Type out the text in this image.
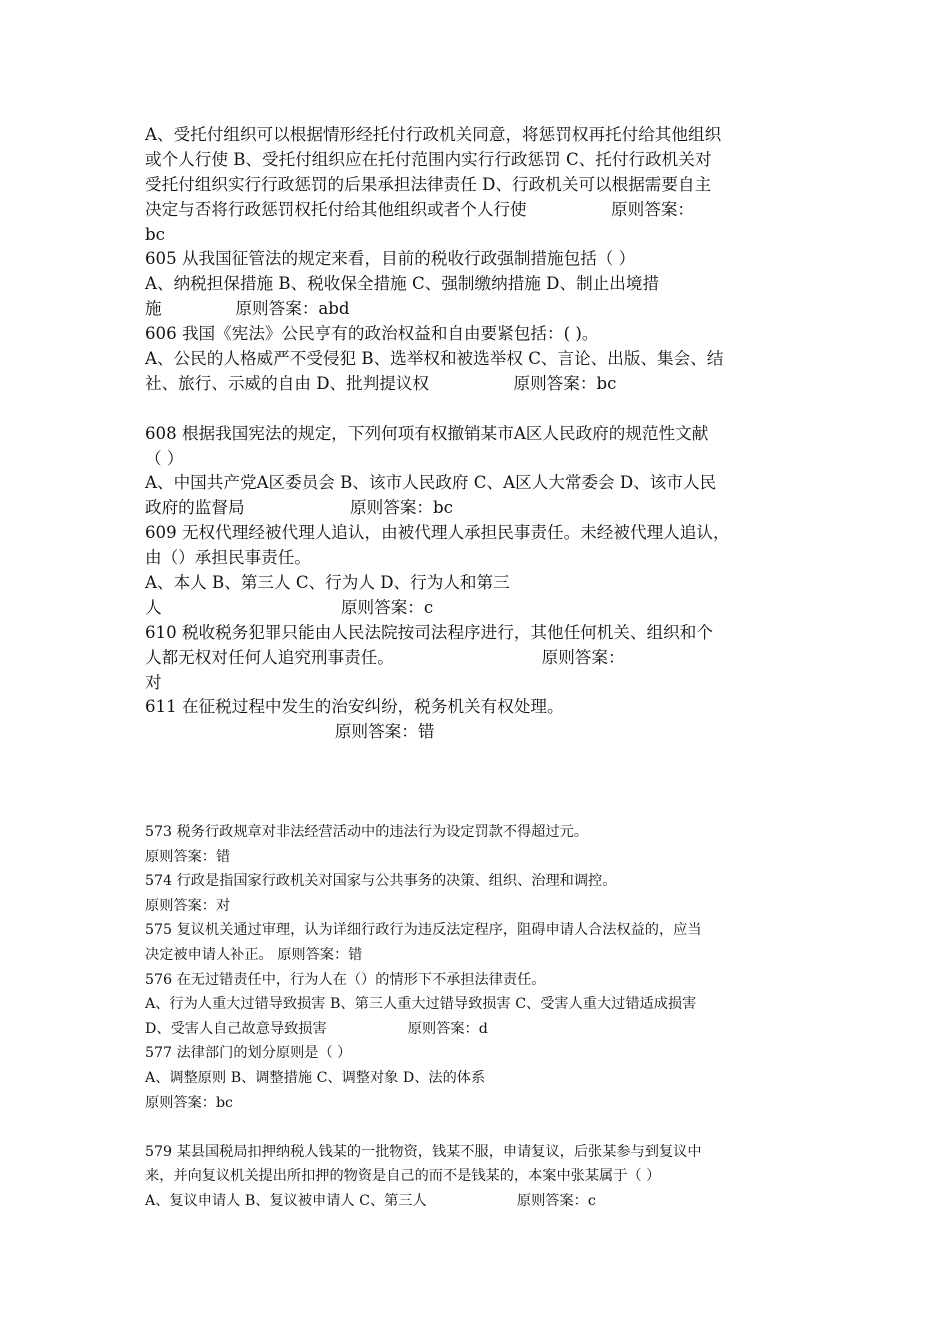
A、受托付组织可以根据情形经托付行政机关同意，将惩罚权再托付给其他组织
或个人行使 B、受托付组织应在托付范围内实行行政惩罚 C、托付行政机关对
受托付组织实行行政惩罚的后果承担法律责任 D、行政机关可以根据需要自主
决定与否将行政惩罚权托付给其他组织或者个人行使                原则答案：
bc
605 从我国征管法的规定来看，目前的税收行政强制措施包括（ ）
A、纳税担保措施 B、税收保全措施 C、强制缴纳措施 D、制止出境措
施              原则答案：abd
606 我国《宪法》公民亨有的政治权益和自由要紧包括：( )。
A、公民的人格威严不受侵犯 B、选举权和被选举权 C、言论、出版、集会、结
社、旅行、示威的自由 D、批判提议权                原则答案：bc
608 根据我国宪法的规定，下列何项有权撤销某市A区人民政府的规范性文献
（ ）
A、中国共产党A区委员会 B、该市人民政府 C、A区人大常委会 D、该市人民
政府的监督局                    原则答案：bc
609 无权代理经被代理人追认，由被代理人承担民事责任。未经被代理人追认，
由（）承担民事责任。
A、本人 B、第三人 C、行为人 D、行为人和第三
人                                  原则答案：c
610 税收税务犯罪只能由人民法院按司法程序进行，其他任何机关、组织和个
人都无权对任何人追究刑事责任。                            原则答案：
对
611 在征税过程中发生的治安纠纷，税务机关有权处理。
原则答案：错
573 税务行政规章对非法经营活动中的违法行为设定罚款不得超过元。
原则答案：错
574 行政是指国家行政机关对国家与公共事务的决策、组织、治理和调控。
原则答案：对
575 复议机关通过审理，认为详细行政行为违反法定程序，阻碍申请人合法权益的，应当
决定被申请人补正。 原则答案：错
576 在无过错责任中，行为人在（）的情形下不承担法律责任。
A、行为人重大过错导致损害 B、第三人重大过错导致损害 C、受害人重大过错适成损害
D、受害人自己故意导致损害                  原则答案：d
577 法律部门的划分原则是（ ）
A、调整原则 B、调整措施 C、调整对象 D、法的体系
原则答案：bc
579 某县国税局扣押纳税人钱某的一批物资，钱某不服，申请复议，后张某参与到复议中
来，并向复议机关提出所扣押的物资是自己的而不是钱某的，本案中张某属于（ ）
A、复议申请人 B、复议被申请人 C、第三人                    原则答案：c
